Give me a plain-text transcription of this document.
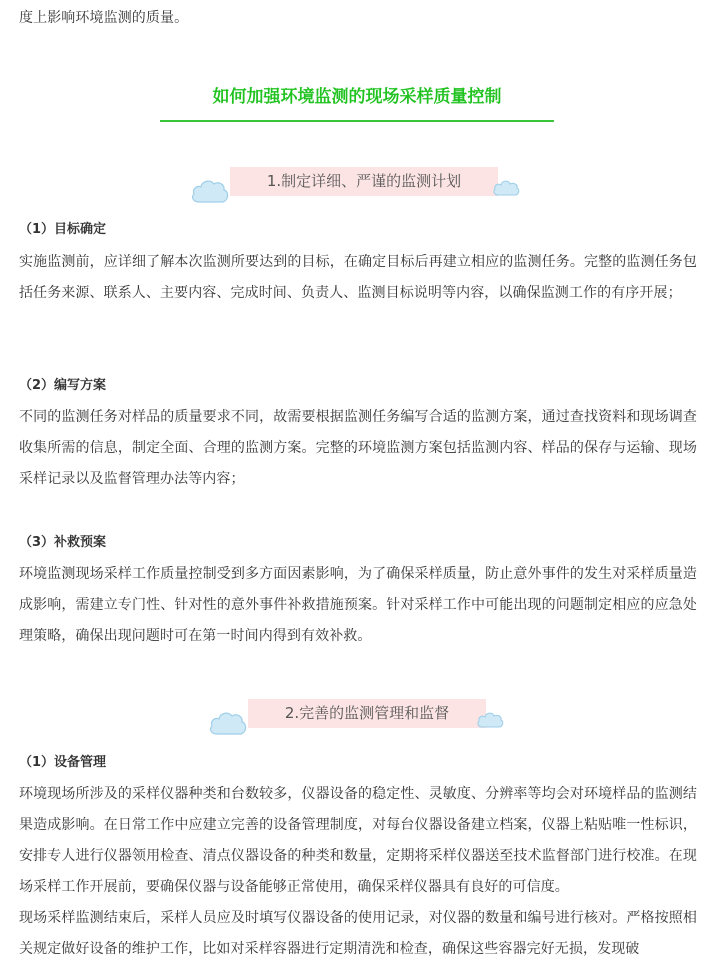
度上影响环境监测的质量。

如何加强环境监测的现场采样质量控制
1.制定详细、严谨的监测计划

（1）目标确定

实施监测前，应详细了解本次监测所要达到的目标，在确定目标后再建立相应的监测任务。完整的监测任务包括任务来源、联系人、主要内容、完成时间、负责人、监测目标说明等内容，以确保监测工作的有序开展；

（2）编写方案

不同的监测任务对样品的质量要求不同，故需要根据监测任务编写合适的监测方案，通过查找资料和现场调查收集所需的信息，制定全面、合理的监测方案。完整的环境监测方案包括监测内容、样品的保存与运输、现场采样记录以及监督管理办法等内容；

（3）补救预案

环境监测现场采样工作质量控制受到多方面因素影响，为了确保采样质量，防止意外事件的发生对采样质量造成影响，需建立专门性、针对性的意外事件补救措施预案。针对采样工作中可能出现的问题制定相应的应急处理策略，确保出现问题时可在第一时间内得到有效补救。

2.完善的监测管理和监督

（1）设备管理

环境现场所涉及的采样仪器种类和台数较多，仪器设备的稳定性、灵敏度、分辨率等均会对环境样品的监测结果造成影响。在日常工作中应建立完善的设备管理制度，对每台仪器设备建立档案，仪器上粘贴唯一性标识，安排专人进行仪器领用检查、清点仪器设备的种类和数量，定期将采样仪器送至技术监督部门进行校准。在现场采样工作开展前，要确保仪器与设备能够正常使用，确保采样仪器具有良好的可信度。

现场采样监测结束后，采样人员应及时填写仪器设备的使用记录，对仪器的数量和编号进行核对。严格按照相关规定做好设备的维护工作，比如对采样容器进行定期清洗和检查，确保这些容器完好无损，发现破
